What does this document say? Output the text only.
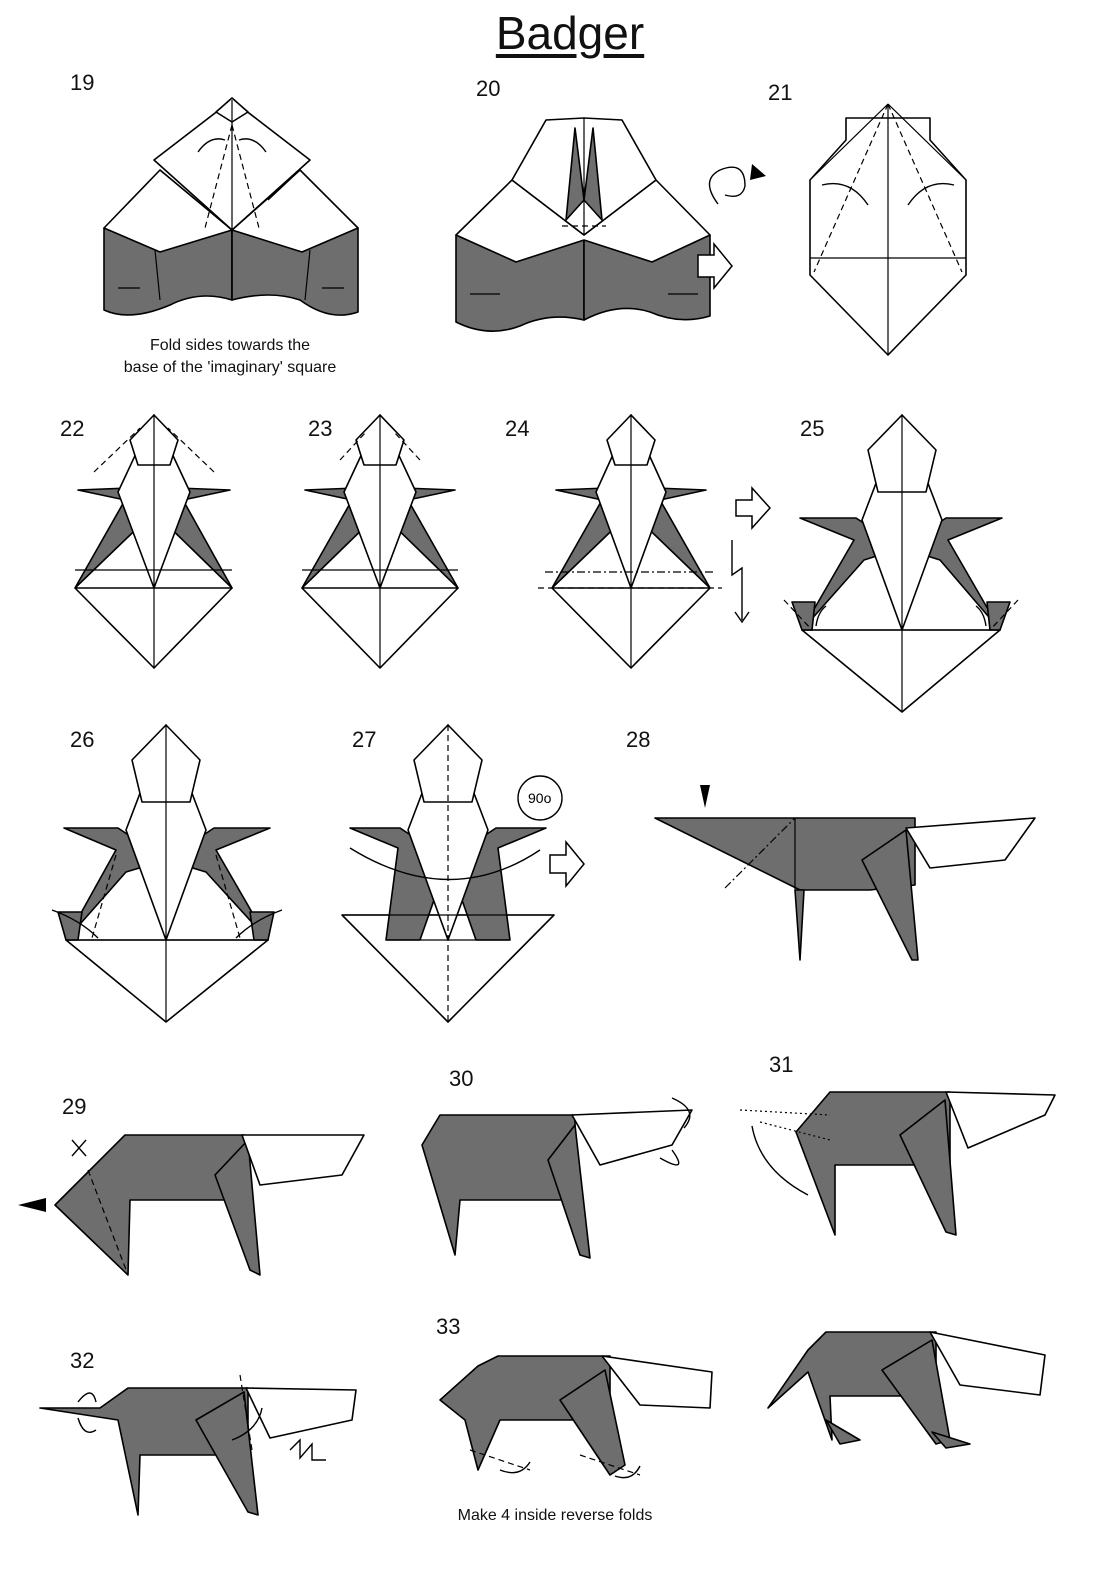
Badger
19	20	21
22	23	24	25
26	27	28
29
30
31
32
33
Fold sides towards the
base of the 'imaginary' square
Make 4 inside reverse folds
90o
